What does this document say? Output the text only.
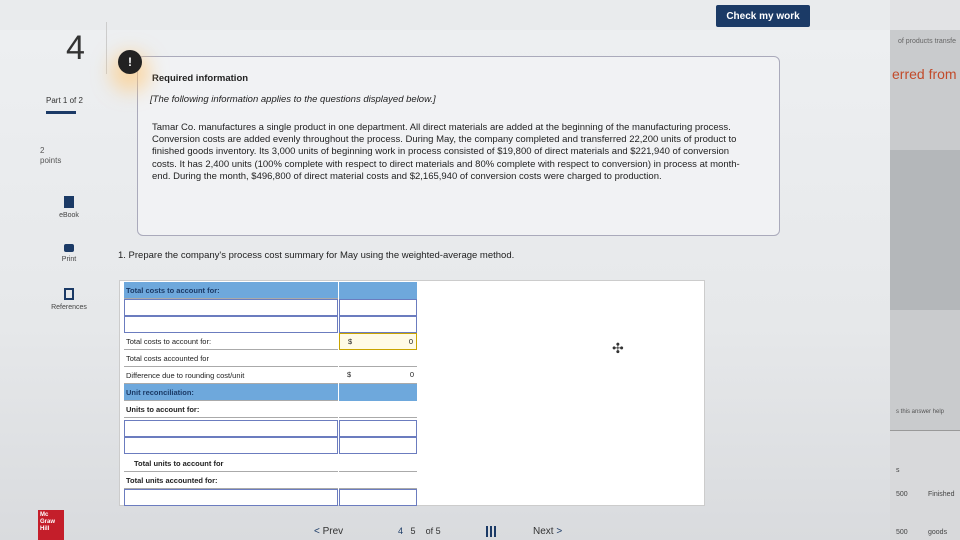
Check my work
4
Part 1 of 2
2
points
eBook
Print
References
Required information
[The following information applies to the questions displayed below.]
Tamar Co. manufactures a single product in one department. All direct materials are added at the beginning of the manufacturing process. Conversion costs are added evenly throughout the process. During May, the company completed and transferred 22,200 units of product to finished goods inventory. Its 3,000 units of beginning work in process consisted of $19,800 of direct materials and $221,940 of conversion costs. It has 2,400 units (100% complete with respect to direct materials and 80% complete with respect to conversion) in process at month-end. During the month, $496,800 of direct material costs and $2,165,940 of conversion costs were charged to production.
!
1. Prepare the company's process cost summary for May using the weighted-average method.
Total costs to account for:
Total costs to account for:	$	0
Total costs accounted for
Difference due to rounding cost/unit	$	0
Unit reconciliation:
Units to account for:
Total units to account for
Total units accounted for:
✣
Mc Graw Hill	< Prev	4 5 of 5	Next >
of products transfe
erred from
s this answer help
s
500	Finished
500	goods
